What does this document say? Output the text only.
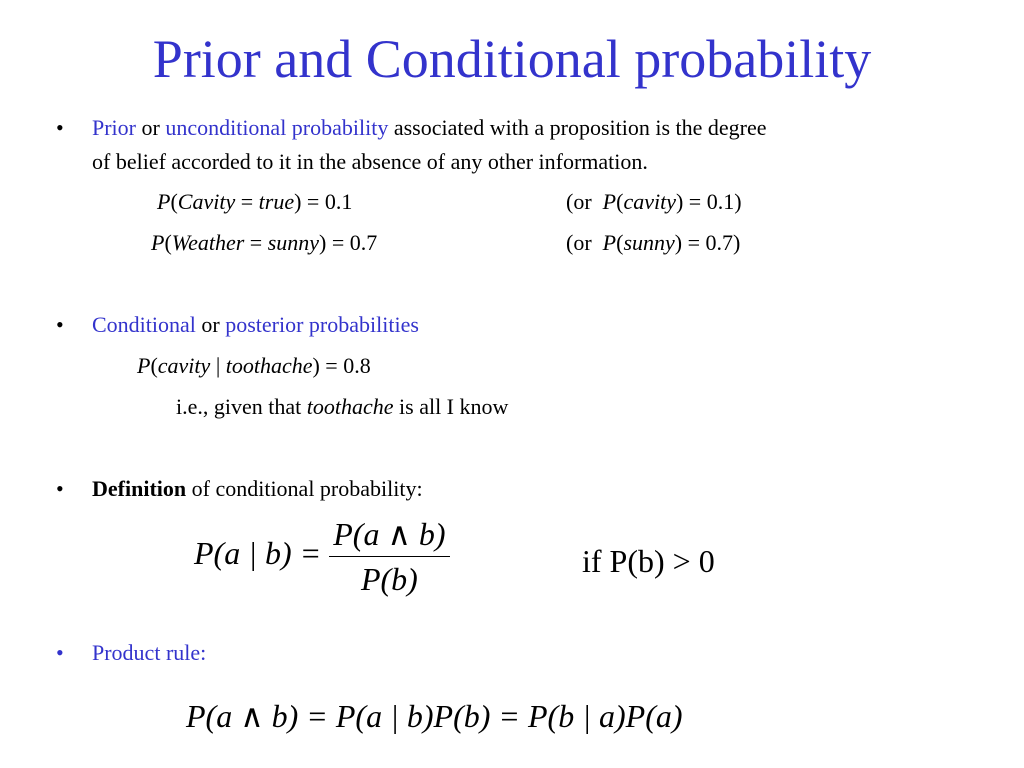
Prior and Conditional probability
• Prior or unconditional probability associated with a proposition is the degree
of belief accorded to it in the absence of any other information.
P(Cavity = true) = 0.1	(or  P(cavity) = 0.1)
P(Weather = sunny) = 0.7	(or  P(sunny) = 0.7)
• Conditional or posterior probabilities
P(cavity | toothache) = 0.8
i.e., given that toothache is all I know
• Definition of conditional probability:
P(a | $b) = \frac{P(a \wedge b)}{P(b)}$	if P(b) > 0
• Product rule:
P(a ∧ b) = P(a | b)P(b) = P(b | a)P(a)
